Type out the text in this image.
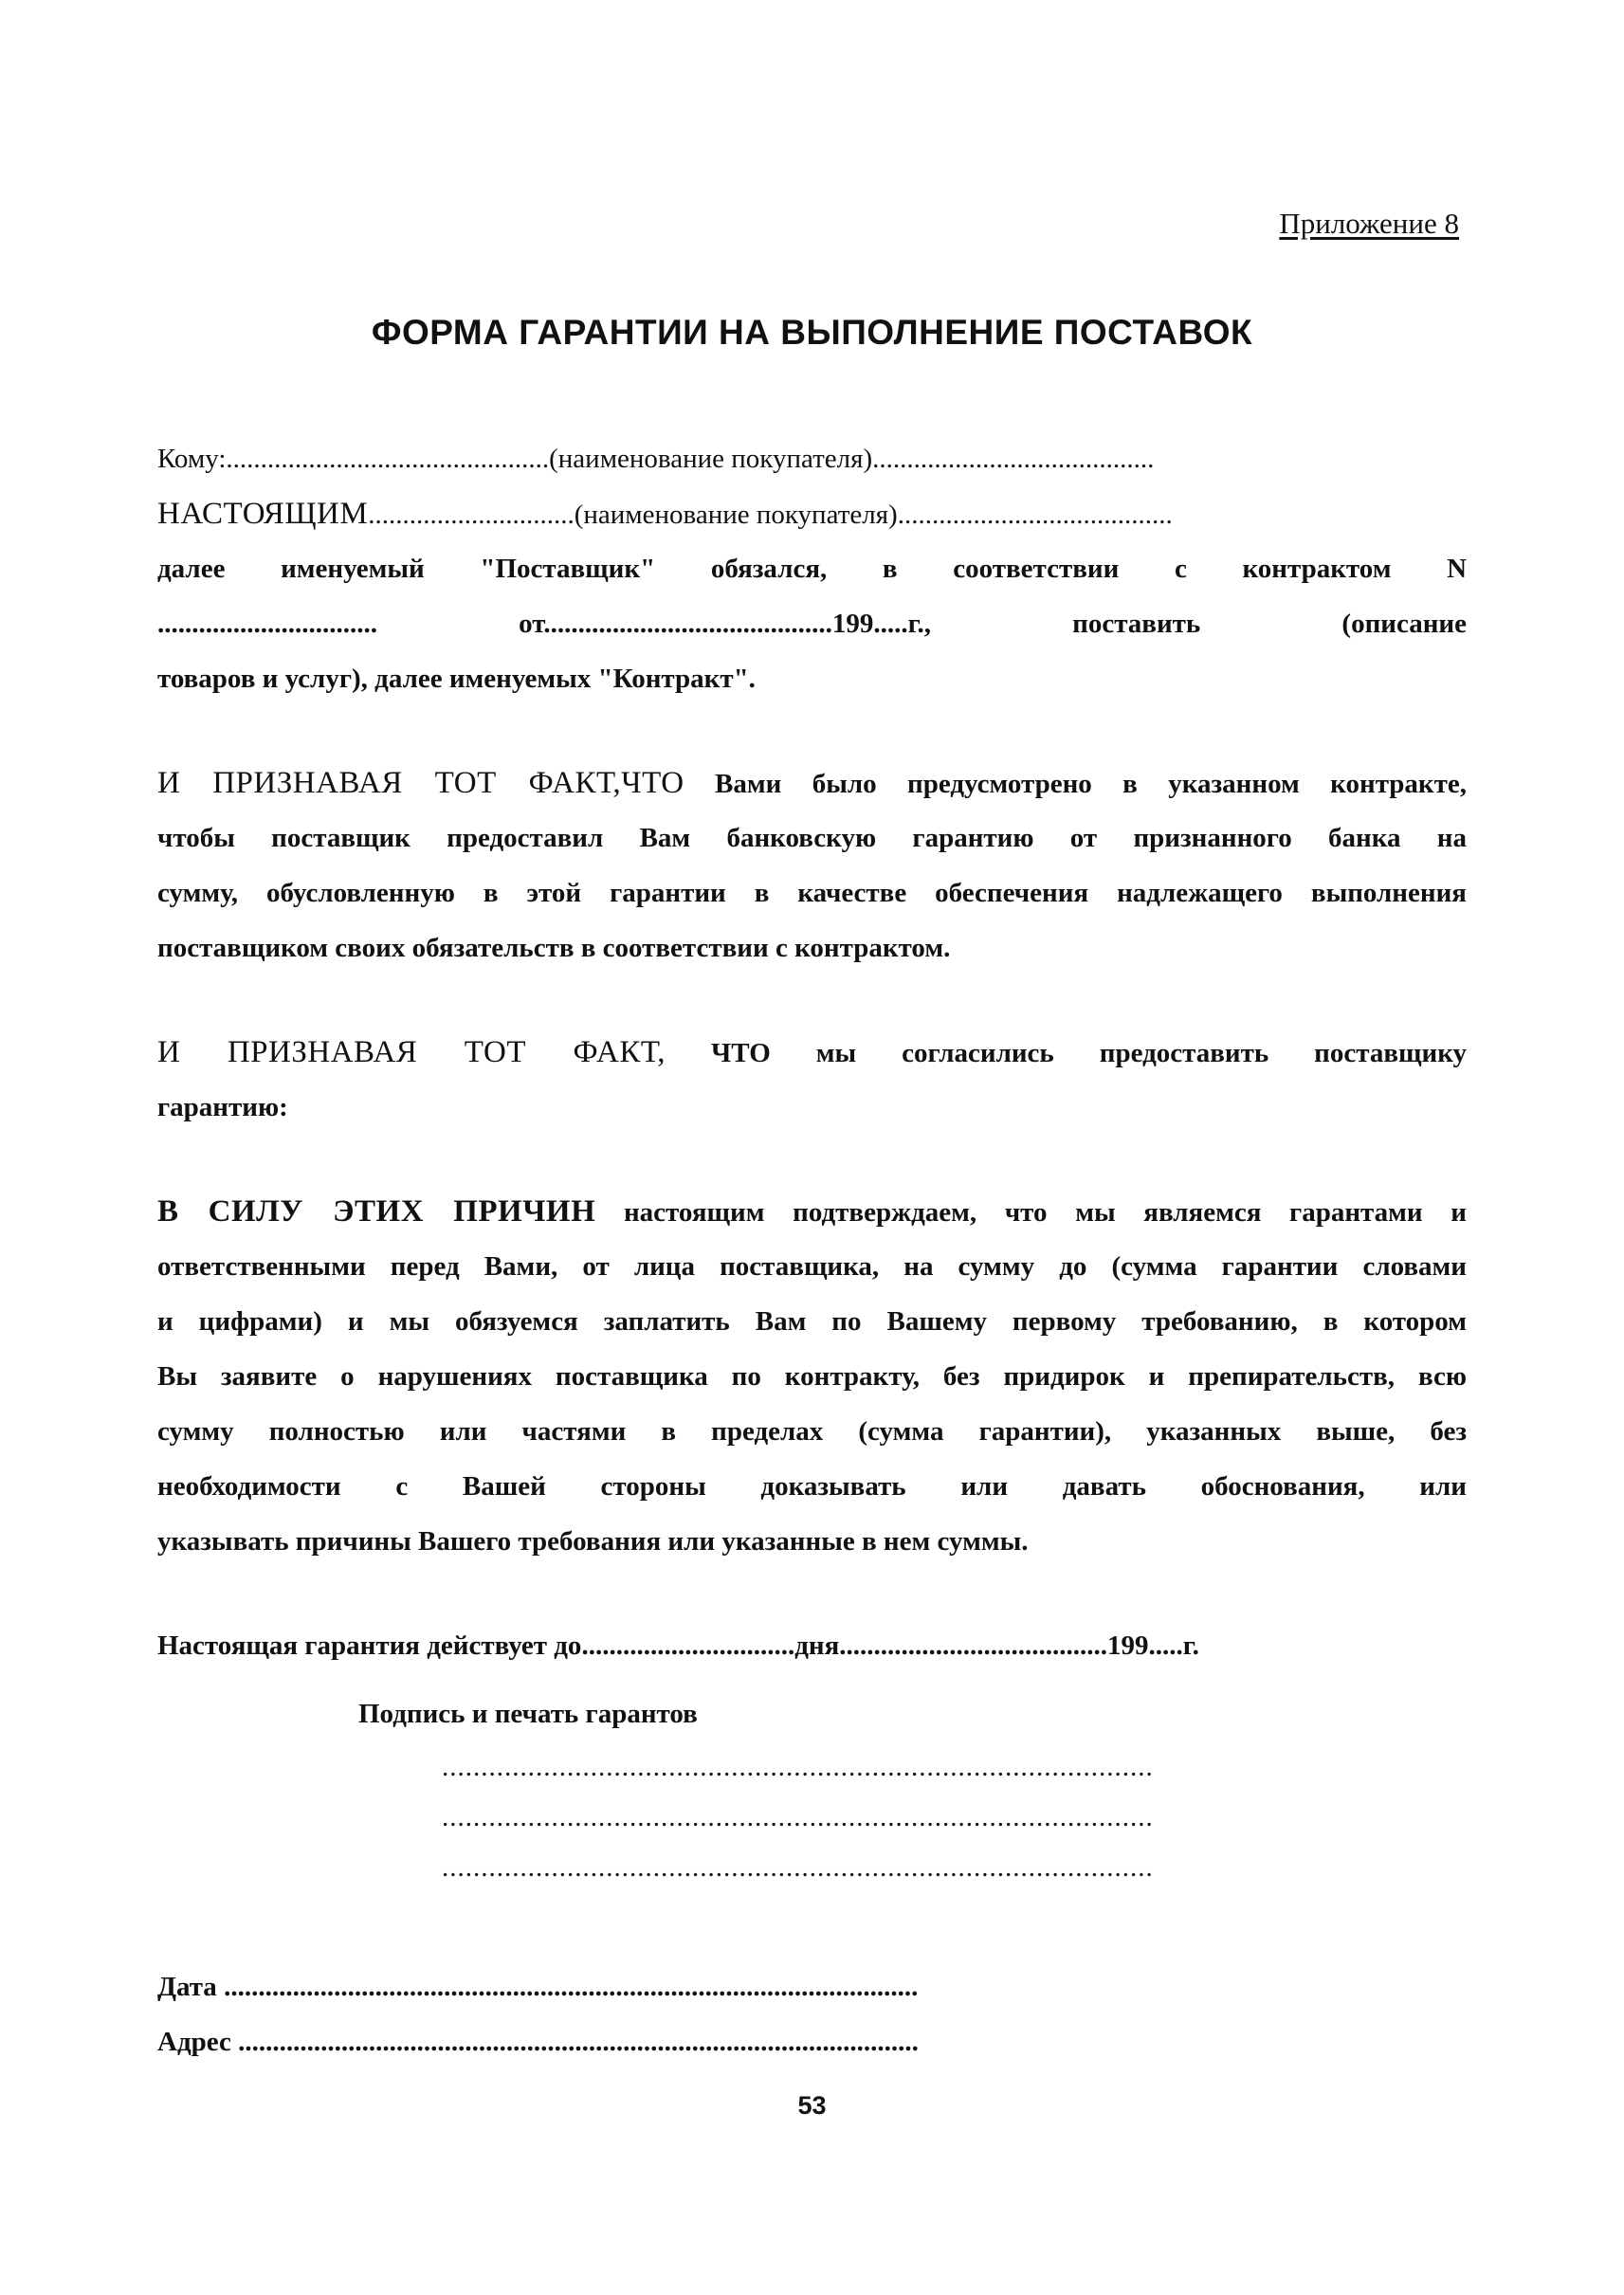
Приложение 8
ФОРМА ГАРАНТИИ НА ВЫПОЛНЕНИЕ ПОСТАВОК
Кому:...............................................(наименование покупателя).........................................
НАСТОЯЩИМ..............................(наименование покупателя)........................................
далее именуемый "Поставщик" обязался, в соответствии с контрактом N
................................	от..........................................199.....г.,	поставить	(описание
товаров и услуг), далее именуемых "Контракт".
И ПРИЗНАВАЯ ТОТ ФАКТ,ЧТО Вами было предусмотрено в указанном контракте,
чтобы поставщик предоставил Вам банковскую гарантию от признанного банка на
сумму, обусловленную в этой гарантии в качестве обеспечения надлежащего выполнения
поставщиком своих обязательств в соответствии с контрактом.
И ПРИЗНАВАЯ ТОТ ФАКТ, ЧТО мы согласились предоставить поставщику
гарантию:
В СИЛУ ЭТИХ ПРИЧИН настоящим подтверждаем, что мы являемся гарантами и
ответственными перед Вами, от лица поставщика, на сумму до (сумма гарантии словами
и цифрами) и мы обязуемся заплатить Вам по Вашему первому требованию, в котором
Вы заявите о нарушениях поставщика по контракту, без придирок и препирательств, всю
сумму полностью или частями в пределах (сумма гарантии), указанных выше, без
необходимости с Вашей стороны доказывать или давать обоснования, или
указывать причины Вашего требования или указанные в нем суммы.
Настоящая гарантия действует до...............................дня.......................................199.....г.
Подпись и печать гарантов
...........................................................................................
...........................................................................................
...........................................................................................
Дата .....................................................................................................
Адрес ...................................................................................................
53
